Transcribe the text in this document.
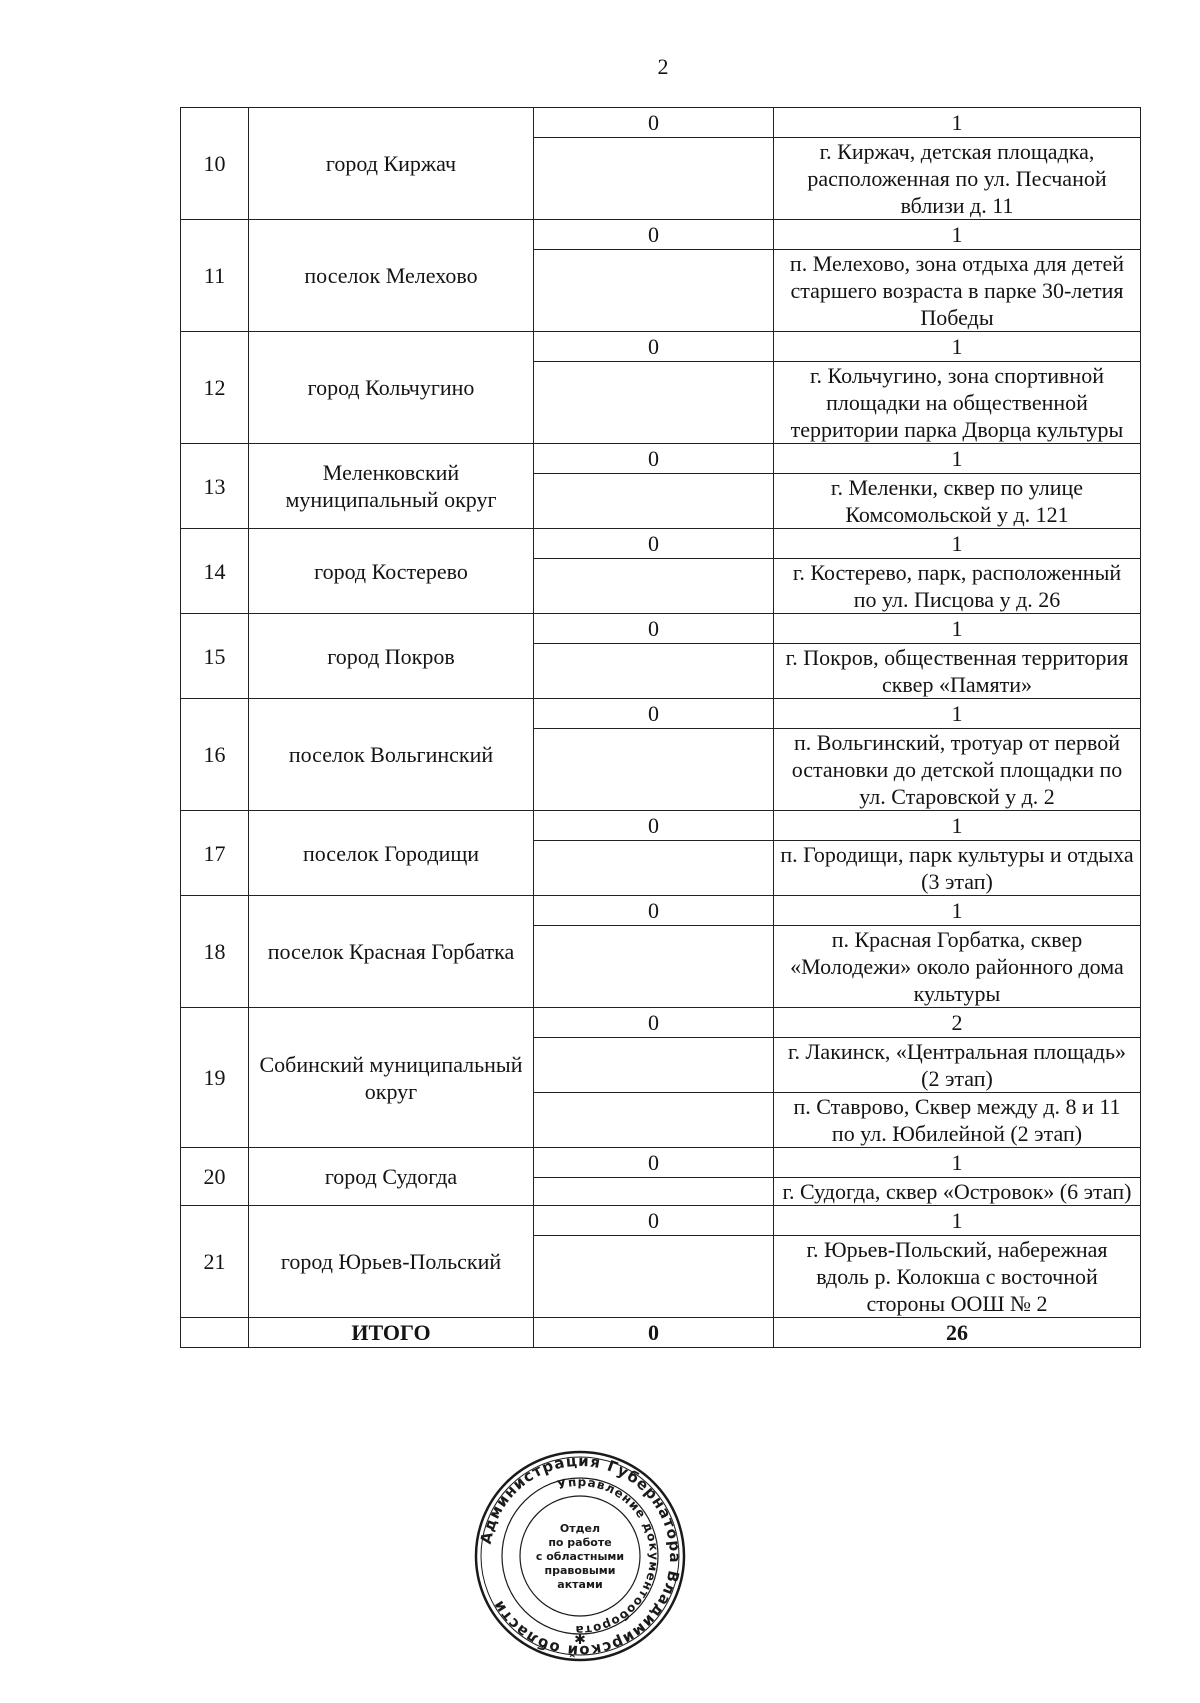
2
10	город Киржач	0	1
			г. Киржач, детская площадка, расположенная по ул. Песчаной вблизи д. 11
11	поселок Мелехово	0	1
			п. Мелехово, зона отдыха для детей старшего возраста в парке 30-летия Победы
12	город Кольчугино	0	1
			г. Кольчугино, зона спортивной площадки на общественной территории парка Дворца культуры
13	Меленковский муниципальный округ	0	1
			г. Меленки, сквер по улице Комсомольской у д. 121
14	город Костерево	0	1
			г. Костерево, парк, расположенный по ул. Писцова у д. 26
15	город Покров	0	1
			г. Покров, общественная территория сквер «Памяти»
16	поселок Вольгинский	0	1
			п. Вольгинский, тротуар от первой остановки до детской площадки по ул. Старовской у д. 2
17	поселок Городищи	0	1
			п. Городищи, парк культуры и отдыха (3 этап)
18	поселок Красная Горбатка	0	1
			п. Красная Горбатка, сквер «Молодежи» около районного дома культуры
19	Собинский муниципальный округ	0	2
			г. Лакинск, «Центральная площадь» (2 этап)
			п. Ставрово, Сквер между д. 8 и 11 по ул. Юбилейной (2 этап)
20	город Судогда	0	1
			г. Судогда, сквер «Островок» (6 этап)
21	город Юрьев-Польский	0	1
			г. Юрьев-Польский, набережная вдоль р. Колокша с восточной стороны ООШ № 2
	ИТОГО	0	26
Администрация Губернатора Владимирской области
Управление документооборота
Отдел
по работе
с областными
правовыми
актами
✱
